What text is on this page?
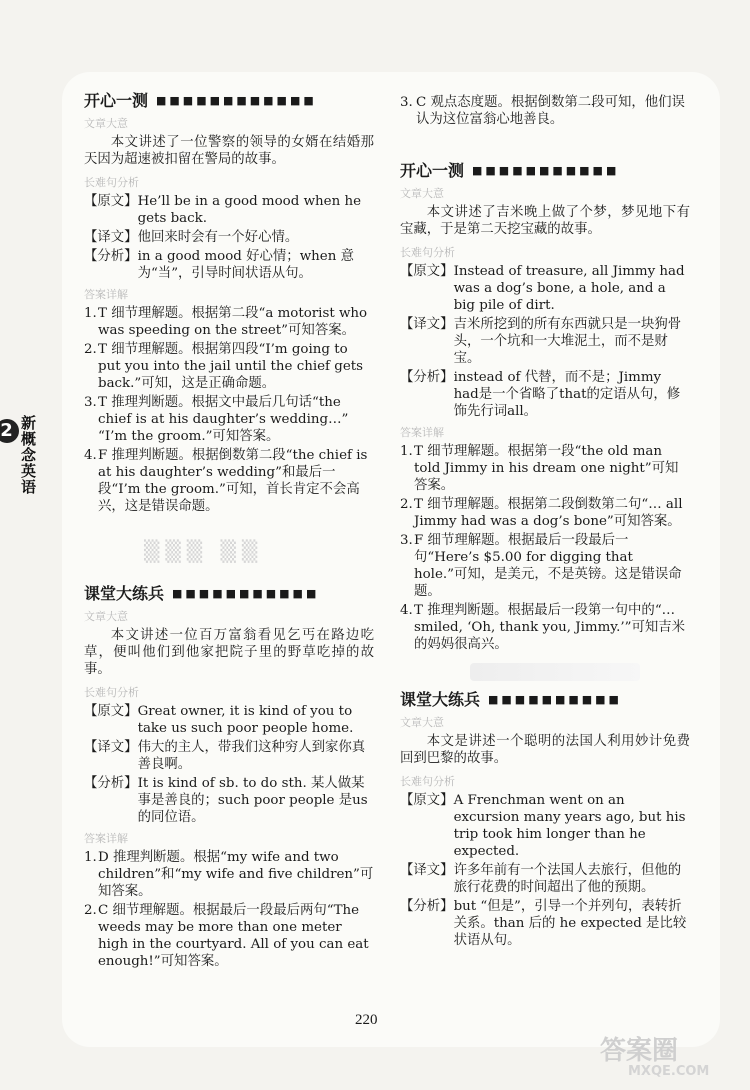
新概念英语
2
开心一测 ■■■■■■■■■■■■
文章大意

本文讲述了一位警察的领导的女婿在结婚那天因为超速被扣留在警局的故事。

长难句分析
【原文】 He’ll be in a good mood when he gets back.
【译文】 他回来时会有一个好心情。
【分析】 in a good mood 好心情；when 意为“当”，引导时间状语从句。
答案详解
1. T 细节理解题。根据第二段“a motorist who was speeding on the street”可知答案。
2. T 细节理解题。根据第四段“I’m going to put you into the jail until the chief gets back.”可知，这是正确命题。
3. T 推理判断题。根据文中最后几句话“the chief is at his daughter’s wedding…” “I’m the groom.”可知答案。
4. F 推理判断题。根据倒数第二段“the chief is at his daughter’s wedding”和最后一段“I’m the groom.”可知，首长肯定不会高兴，这是错误命题。
▒▒▒ ▒▒
课堂大练兵 ■■■■■■■■■■■
文章大意

本文讲述一位百万富翁看见乞丐在路边吃草，便叫他们到他家把院子里的野草吃掉的故事。

长难句分析
【原文】 Great owner, it is kind of you to take us such poor people home.
【译文】 伟大的主人，带我们这种穷人到家你真善良啊。
【分析】 It is kind of sb. to do sth. 某人做某事是善良的；such poor people 是us的同位语。
答案详解
1. D 推理判断题。根据“my wife and two children”和“my wife and five children”可知答案。
2. C 细节理解题。根据最后一段最后两句“The weeds may be more than one meter high in the courtyard. All of you can eat enough!”可知答案。
3. C 观点态度题。根据倒数第二段可知，他们误认为这位富翁心地善良。
开心一测 ■■■■■■■■■■■
文章大意

本文讲述了吉米晚上做了个梦，梦见地下有宝藏，于是第二天挖宝藏的故事。

长难句分析
【原文】 Instead of treasure, all Jimmy had was a dog’s bone, a hole, and a big pile of dirt.
【译文】 吉米所挖到的所有东西就只是一块狗骨头，一个坑和一大堆泥土，而不是财宝。
【分析】 instead of 代替，而不是；Jimmy had是一个省略了that的定语从句，修饰先行词all。
答案详解
1. T 细节理解题。根据第一段“the old man told Jimmy in his dream one night”可知答案。
2. T 细节理解题。根据第二段倒数第二句“… all Jimmy had was a dog’s bone”可知答案。
3. F 细节理解题。根据最后一段最后一句“Here’s $5.00 for digging that hole.”可知，是美元，不是英镑。这是错误命题。
4. T 推理判断题。根据最后一段第一句中的“… smiled, ‘Oh, thank you, Jimmy.’”可知吉米的妈妈很高兴。
课堂大练兵 ■■■■■■■■■■
文章大意

本文是讲述一个聪明的法国人利用妙计免费回到巴黎的故事。

长难句分析
【原文】 A Frenchman went on an excursion many years ago, but his trip took him longer than he expected.
【译文】 许多年前有一个法国人去旅行，但他的旅行花费的时间超出了他的预期。
【分析】 but “但是”，引导一个并列句，表转折关系。than 后的 he expected 是比较状语从句。
220
答案圈
MXQE.COM
